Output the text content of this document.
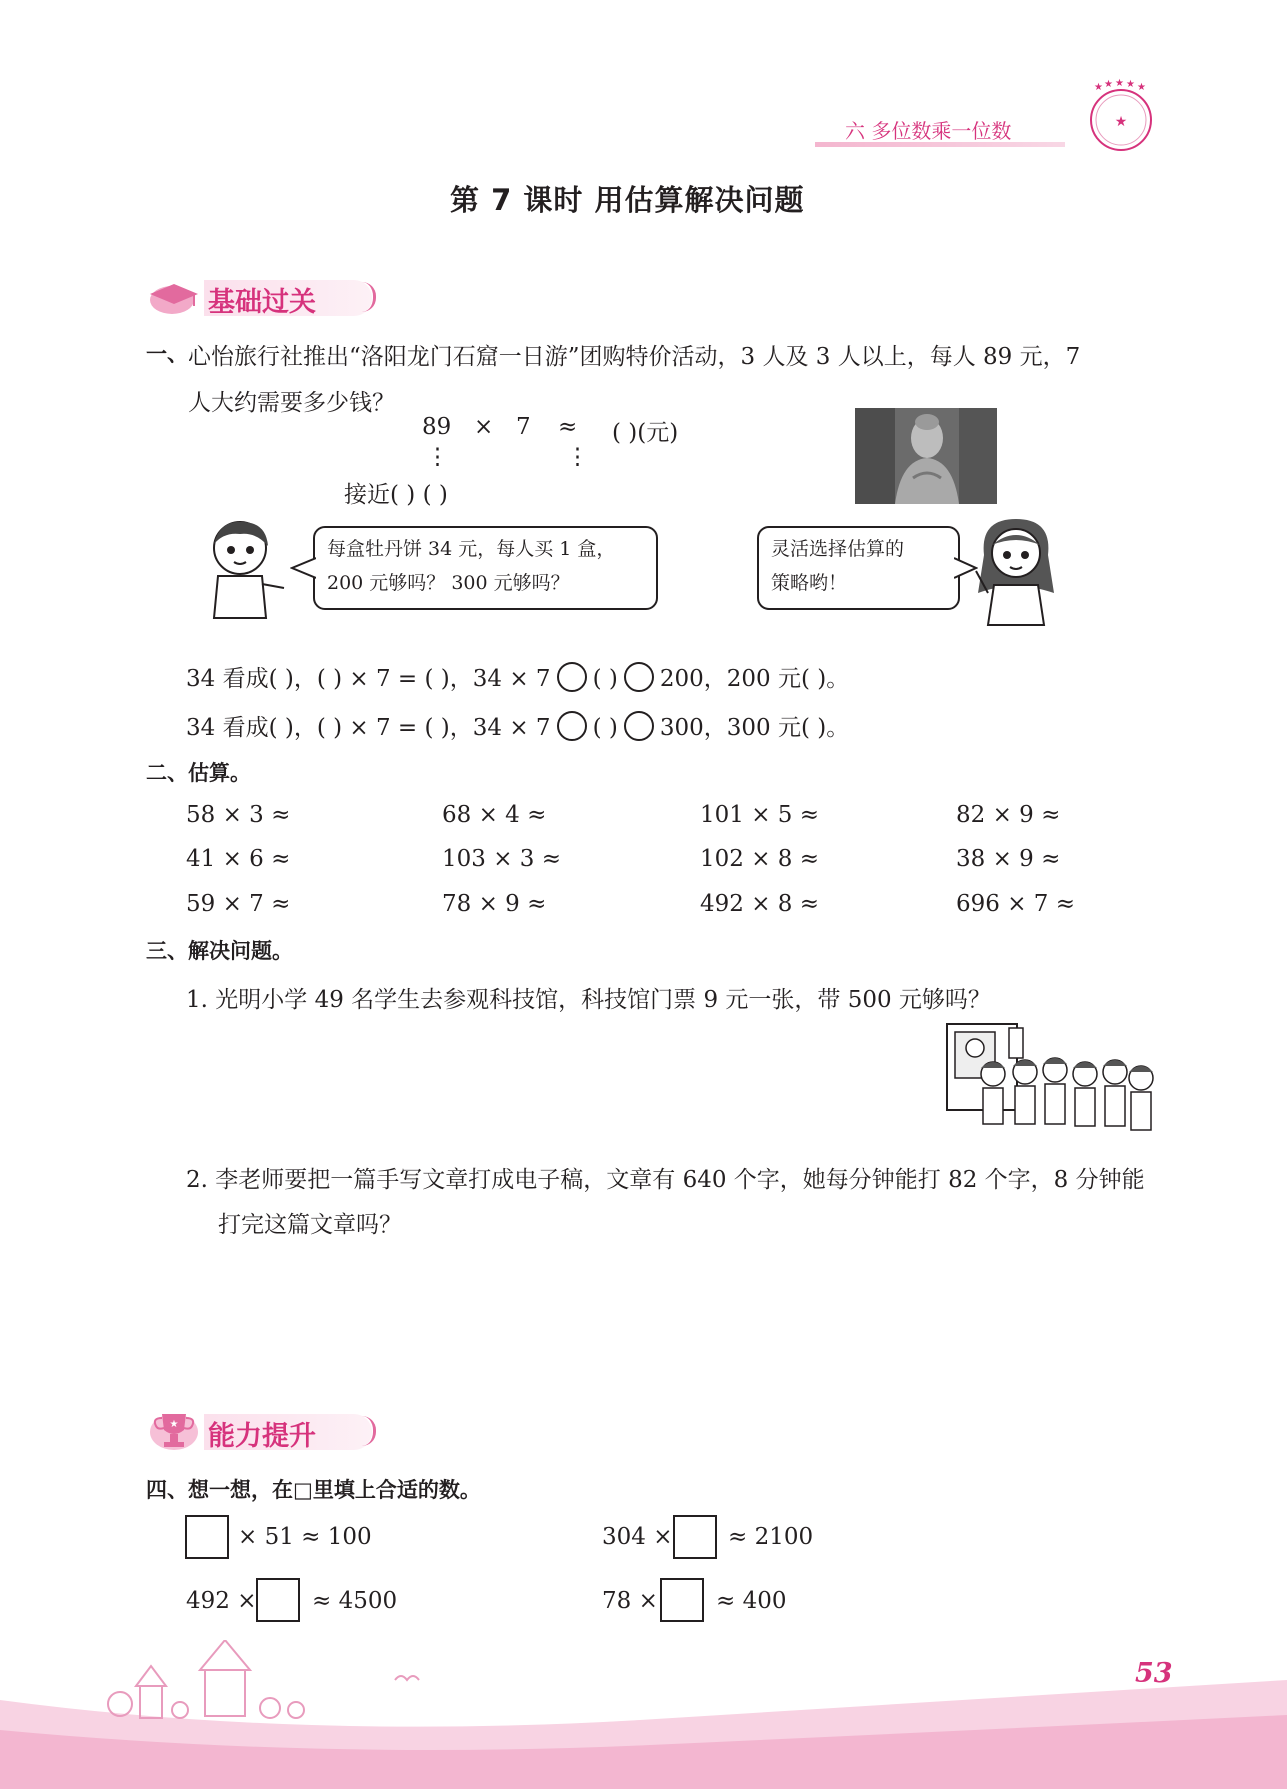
六 多位数乘一位数	★
★ ★ ★ ★ ★
第 7 课时 用估算解决问题
基础过关
一、 心怡旅行社推出“洛阳龙门石窟一日游”团购特价活动，3 人及 3 人以上，每人 89 元，7
人大约需要多少钱？
89 × 7 ≈ ( )(元)
⋮	⋮
接近( ) ( )
每盒牡丹饼 34 元，每人买 1 盒，
200 元够吗？ 300 元够吗？
灵活选择估算的
策略哟！
34 看成( )，( ) × 7 = ( )，34 × 7 ( ) 200，200 元( )。
34 看成( )，( ) × 7 = ( )，34 × 7 ( ) 300，300 元( )。
二、估算。
58 × 3 ≈	68 × 4 ≈	101 × 5 ≈	82 × 9 ≈
41 × 6 ≈	103 × 3 ≈	102 × 8 ≈	38 × 9 ≈
59 × 7 ≈	78 × 9 ≈	492 × 8 ≈	696 × 7 ≈
三、解决问题。
1. 光明小学 49 名学生去参观科技馆，科技馆门票 9 元一张，带 500 元够吗？
2. 李老师要把一篇手写文章打成电子稿，文章有 640 个字，她每分钟能打 82 个字，8 分钟能
打完这篇文章吗？
★ 能力提升
四、想一想，在□里填上合适的数。
× 51 ≈ 100	304 × ≈ 2100
492 × ≈ 4500	78 ×	≈ 400
53
